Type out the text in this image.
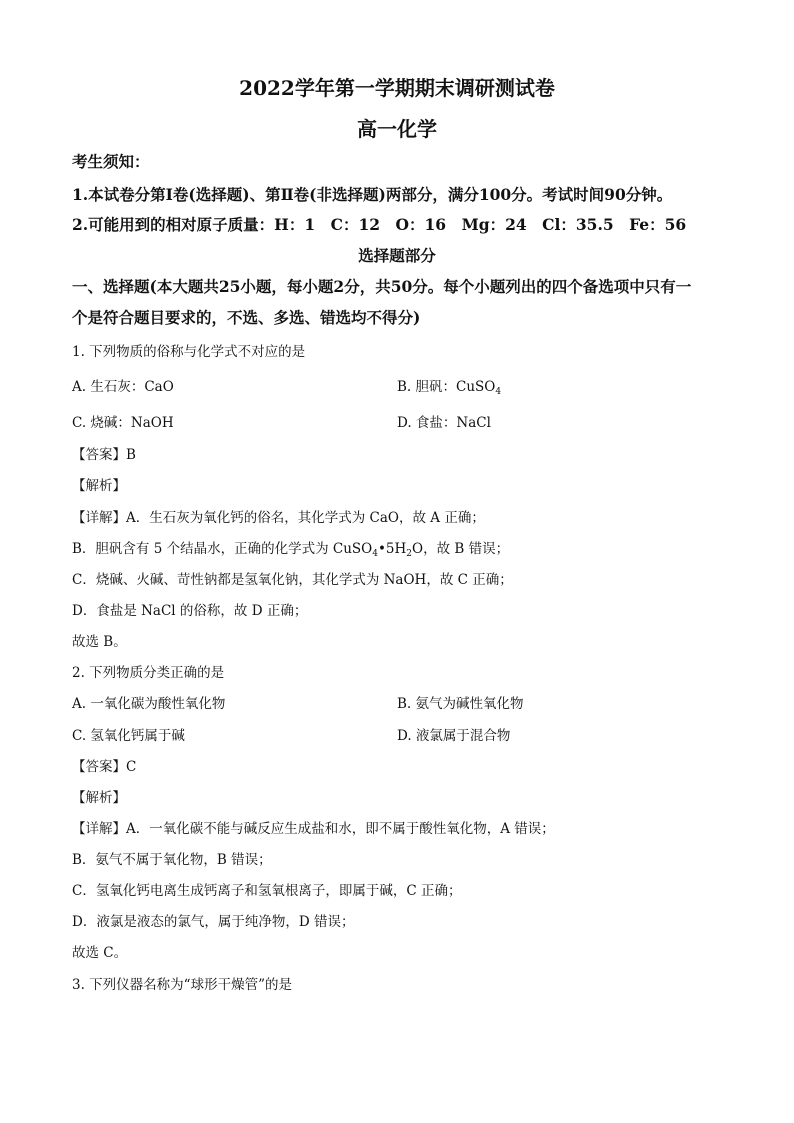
2022学年第一学期期末调研测试卷
高一化学
考生须知：
1.本试卷分第Ⅰ卷(选择题)、第Ⅱ卷(非选择题)两部分，满分100分。考试时间90分钟。
2.可能用到的相对原子质量：H：1　C：12　O：16　Mg：24　Cl：35.5　Fe：56
选择题部分
一、选择题(本大题共25小题，每小题2分，共50分。每个小题列出的四个备选项中只有一
个是符合题目要求的，不选、多选、错选均不得分)
1. 下列物质的俗称与化学式不对应的是
A. 生石灰：CaO	B. 胆矾：CuSO$_4$
C. 烧碱：NaOH	D. 食盐：NaCl
【答案】B
【解析】
【详解】A．生石灰为氧化钙的俗名，其化学式为 CaO，故 A 正确；
B．胆矾含有 5 个结晶水，正确的化学式为 $CuSO_4•5H_2O$，故 B 错误；
C．烧碱、火碱、苛性钠都是氢氧化钠，其化学式为 NaOH，故 C 正确；
D．食盐是 NaCl 的俗称，故 D 正确；
故选 B。
2. 下列物质分类正确的是
A. 一氧化碳为酸性氧化物	B. 氨气为碱性氧化物
C. 氢氧化钙属于碱	D. 液氯属于混合物
【答案】C
【解析】
【详解】A．一氧化碳不能与碱反应生成盐和水，即不属于酸性氧化物，A 错误；
B．氨气不属于氧化物，B 错误；
C．氢氧化钙电离生成钙离子和氢氧根离子，即属于碱，C 正确；
D．液氯是液态的氯气，属于纯净物，D 错误；
故选 C。
3. 下列仪器名称为“球形干燥管”的是
